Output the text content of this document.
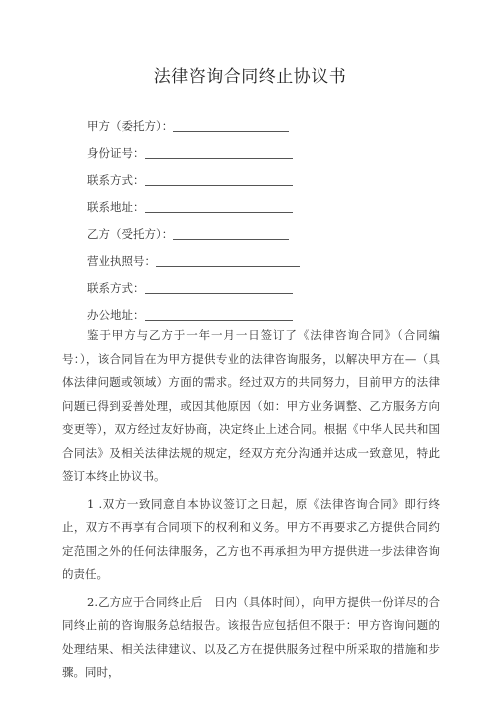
法律咨询合同终止协议书
甲方（委托方）：
身份证号：
联系方式：
联系地址：
乙方（受托方）：
营业执照号：
联系方式：
办公地址：

鉴于甲方与乙方于一年一月一日签订了《法律咨询合同》（合同编号：），该合同旨在为甲方提供专业的法律咨询服务，以解决甲方在—（具体法律问题或领域）方面的需求。经过双方的共同努力，目前甲方的法律问题已得到妥善处理，或因其他原因（如：甲方业务调整、乙方服务方向变更等），双方经过友好协商，决定终止上述合同。根据《中华人民共和国合同法》及相关法律法规的规定，经双方充分沟通并达成一致意见，特此签订本终止协议书。

1 .双方一致同意自本协议签订之日起，原《法律咨询合同》即行终止，双方不再享有合同项下的权利和义务。甲方不再要求乙方提供合同约定范围之外的任何法律服务，乙方也不再承担为甲方提供进一步法律咨询的责任。

2.乙方应于合同终止后　日内（具体时间），向甲方提供一份详尽的合同终止前的咨询服务总结报告。该报告应包括但不限于：甲方咨询问题的处理结果、相关法律建议、以及乙方在提供服务过程中所采取的措施和步骤。同时，
